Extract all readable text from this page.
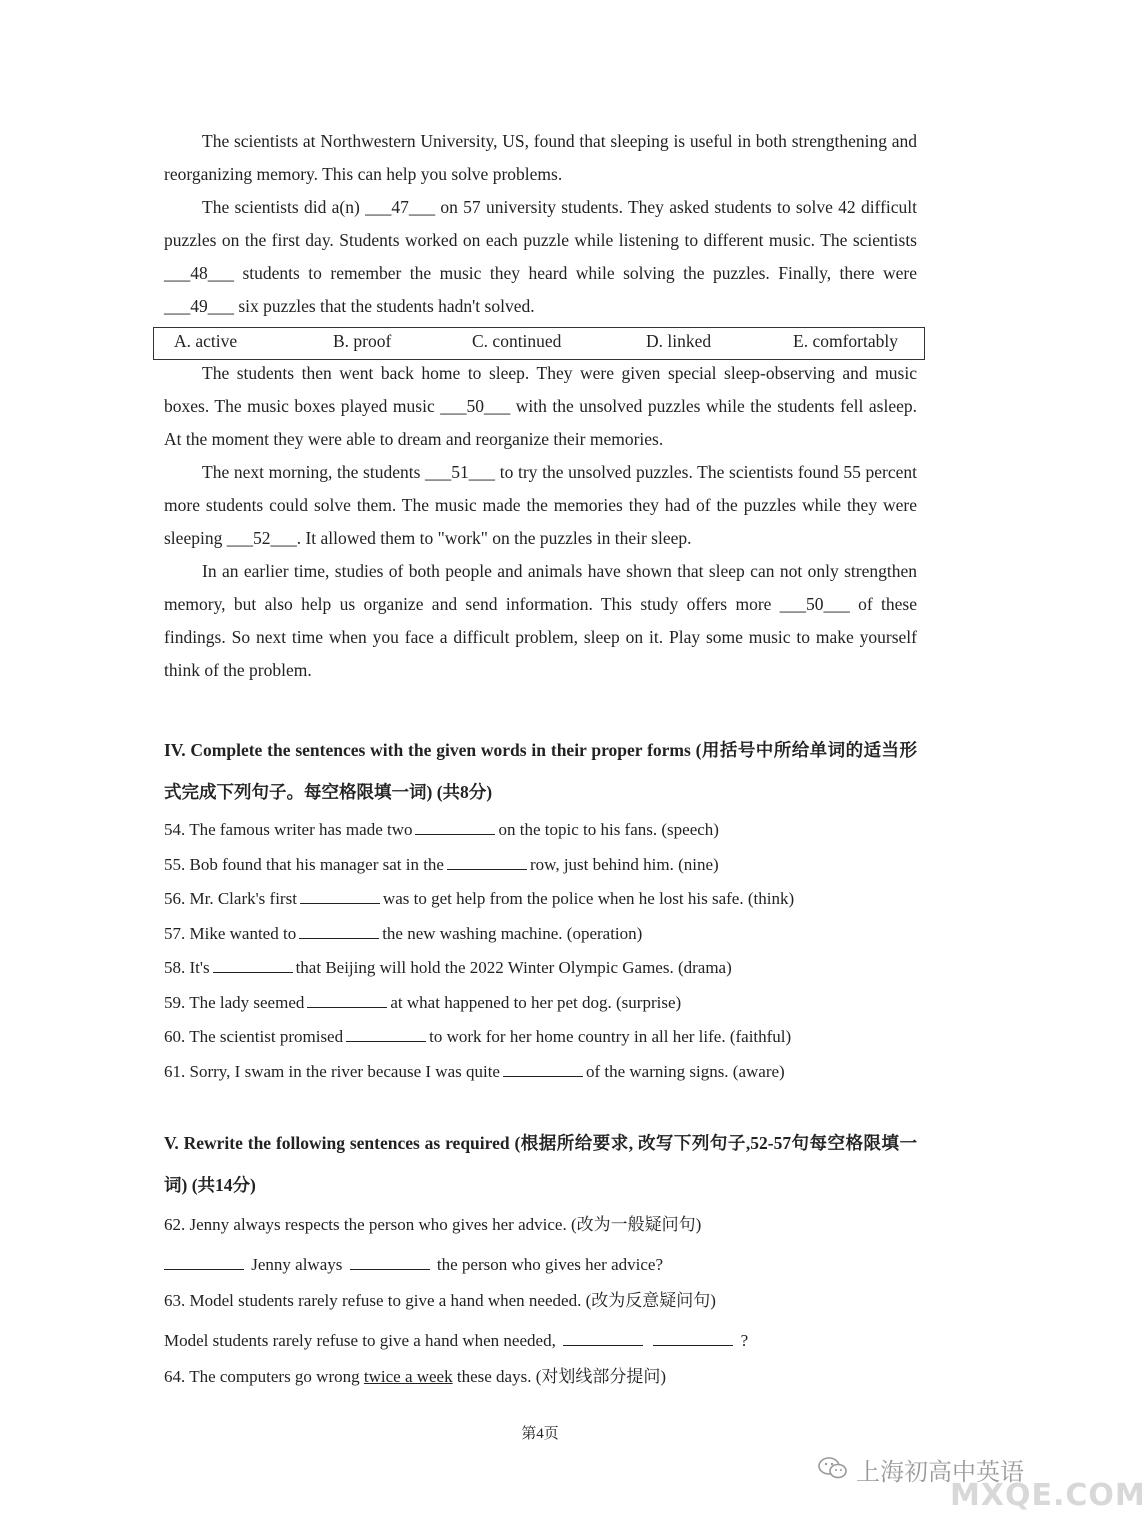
The scientists at Northwestern University, US, found that sleeping is useful in both strengthening and reorganizing memory. This can help you solve problems.

The scientists did a(n) ___47___ on 57 university students. They asked students to solve 42 difficult puzzles on the first day. Students worked on each puzzle while listening to different music. The scientists ___48___ students to remember the music they heard while solving the puzzles. Finally, there were ___49___ six puzzles that the students hadn't solved.

The students then went back home to sleep. They were given special sleep-observing and music boxes. The music boxes played music ___50___ with the unsolved puzzles while the students fell asleep. At the moment they were able to dream and reorganize their memories.

The next morning, the students ___51___ to try the unsolved puzzles. The scientists found 55 percent more students could solve them. The music made the memories they had of the puzzles while they were sleeping ___52___. It allowed them to "work" on the puzzles in their sleep.

In an earlier time, studies of both people and animals have shown that sleep can not only strengthen memory, but also help us organize and send information. This study offers more ___50___ of these findings. So next time when you face a difficult problem, sleep on it. Play some music to make yourself think of the problem.

IV. Complete the sentences with the given words in their proper forms (用括号中所给单词的适当形式完成下列句子。每空格限填一词) (共8分)

54. The famous writer has made two	on the topic to his fans. (speech)

55. Bob found that his manager sat in the	row, just behind him. (nine)

56. Mr. Clark's first	was to get help from the police when he lost his safe. (think)

57. Mike wanted to	the new washing machine. (operation)

58. It's	that Beijing will hold the 2022 Winter Olympic Games. (drama)

59. The lady seemed	at what happened to her pet dog. (surprise)

60. The scientist promised	to work for her home country in all her life. (faithful)

61. Sorry, I swam in the river because I was quite	of the warning signs. (aware)

V. Rewrite the following sentences as required (根据所给要求, 改写下列句子,52-57句每空格限填一词) (共14分)

62. Jenny always respects the person who gives her advice. (改为一般疑问句)

Jenny always	the person who gives her advice?

63. Model students rarely refuse to give a hand when needed. (改为反意疑问句)

Model students rarely refuse to give a hand when needed,	?

64. The computers go wrong twice a week these days. (对划线部分提问)

A. active	B. proof	C. continued	D. linked	E. comfortably
第4页
上海初高中英语
MXQE.COM
